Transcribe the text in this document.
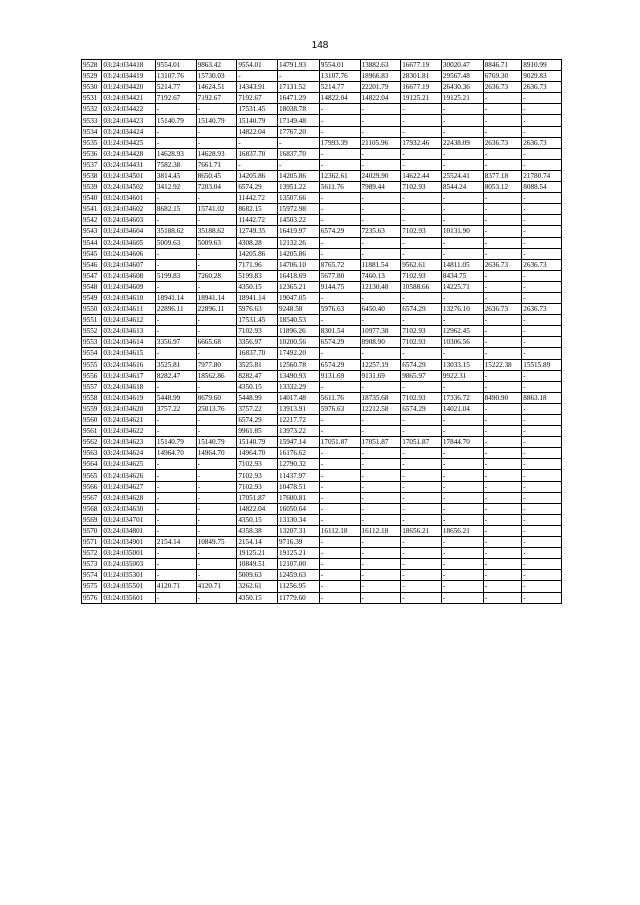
148
9528	03:24:034418	9554.01	9863.42	9554.01	14791.93	9554.01	13882.63	16677.19	30020.47	8846.71	8910.99
9529	03:24:034419	13107.76	15730.03	-	-	13107.76	18966.83	28301.81	29567.48	6769.30	9029.83
9530	03:24:034420	5214.77	14624.51	14343.91	17131.52	5214.77	22201.79	16677.19	26430.36	2636.73	2636.73
9531	03:24:034421	7192.67	7192.67	7192.67	16471.29	14822.04	14822.04	19125.21	19125.21	-	-
9532	03:24:034422	-	-	17531.45	18038.78	-	-	-	-	-	-
9533	03:24:034423	15140.79	15140.79	15140.79	17149.48	-	-	-	-	-	-
9534	03:24:034424	-	-	14822.04	17767.20	-	-	-	-	-	-
9535	03:24:034425	-	-	-	-	17993.39	21105.96	17932.46	22438.09	2636.73	2636.73
9536	03:24:034428	14628.93	14628.93	16837.70	16837.70	-	-	-	-	-	-
9537	03:24:034431	7582.38	7661.71	-	-	-	-	-	-	-	-
9538	03:24:034501	3814.45	8650.45	14205.86	14205.86	12362.61	24029.90	14622.44	25524.41	8377.18	21780.74
9539	03:24:034502	3412.92	7203.04	6574.29	13951.22	5611.76	7989.44	7102.93	8544.24	8053.12	8088.54
9540	03:24:034601	-	-	11442.72	13507.66	-	-	-	-	-	-
9541	03:24:034602	8682.15	15741.02	8682.15	15972.98	-	-	-	-	-	-
9542	03:24:034603	-	-	11442.72	14503.22	-	-	-	-	-	-
9543	03:24:034604	35188.62	35188.62	12749.35	16419.97	6574.29	7235.63	7102.93	10131.90	-	-
9544	03:24:034605	5009.63	5009.63	4308.28	12132.26	-	-	-	-	-	-
9545	03:24:034606	-	-	14205.86	14205.86	-	-	-	-	-	-
9546	03:24:034607	-	-	7171.96	14706.10	8765.72	11881.54	9562.61	14811.05	2636.73	2636.73
9547	03:24:034608	5199.83	7260.28	5199.83	16418.69	5677.80	7460.13	7102.93	8434.75	-	-
9548	03:24:034609	-	-	4350.15	12365.21	9144.75	12130.48	10588.66	14225.71	-	-
9549	03:24:034610	18941.14	18941.14	18941.14	19047.05	-	-	-	-	-	-
9550	03:24:034611	22896.11	22896.11	5976.63	9248.58	5976.63	6450.40	6574.29	13276.10	2636.73	2636.73
9551	03:24:034612	-	-	17531.45	18540.53	-	-	-	-	-	-
9552	03:24:034613	-	-	7102.93	11896.26	8301.54	10977.38	7102.93	12962.45	-	-
9553	03:24:034614	3356.97	6665.68	3356.97	10200.56	6574.29	8908.90	7102.93	10306.56	-	-
9554	03:24:034615	-	-	16837.70	17492.20	-	-	-	-	-	-
9555	03:24:034616	3525.81	7977.80	3525.81	12560.78	6574.29	12257.19	6574.29	13033.15	15222.38	15515.89
9556	03:24:034617	8282.47	18562.86	8282.47	13490.93	9131.69	9131.69	9865.97	9922.31	-	-
9557	03:24:034618	-	-	4350.15	13332.29	-	-	-	-	-	-
9558	03:24:034619	5448.99	8679.60	5448.99	14017.48	5611.76	18735.68	7102.93	17336.72	8490.90	8863.18
9559	03:24:034620	3757.22	25013.76	3757.22	13913.91	5976.63	12212.58	6574.29	14021.04	-	-
9560	03:24:034621	-	-	6574.29	12217.72	-	-	-	-	-	-
9561	03:24:034622	-	-	9961.85	13973.22	-	-	-	-	-	-
9562	03:24:034623	15140.79	15140.79	15140.79	15947.14	17051.87	17051.87	17051.87	17844.70	-	-
9563	03:24:034624	14964.70	14964.70	14964.70	16176.62	-	-	-	-	-	-
9564	03:24:034625	-	-	7102.93	12790.32	-	-	-	-	-	-
9565	03:24:034626	-	-	7102.93	11437.97	-	-	-	-	-	-
9566	03:24:034627	-	-	7102.93	10478.51	-	-	-	-	-	-
9567	03:24:034628	-	-	17051.87	17600.81	-	-	-	-	-	-
9568	03:24:034630	-	-	14822.04	16050.64	-	-	-	-	-	-
9569	03:24:034701	-	-	4350.15	13130.34	-	-	-	-	-	-
9570	03:24:034801	-	-	4358.38	13207.31	16112.18	16112.18	18656.21	18656.21	-	-
9571	03:24:034901	2154.14	10849.75	2154.14	9716.39	-	-	-	-	-	-
9572	03:24:035001	-	-	19125.21	19125.21	-	-	-	-	-	-
9573	03:24:035003	-	-	10849.51	12107.00	-	-	-	-	-	-
9574	03:24:035301	-	-	5009.63	12459.63	-	-	-	-	-	-
9575	03:24:035501	4120.71	4120.71	3262.61	11256.95	-	-	-	-	-	-
9576	03:24:035601	-	-	4350.15	11779.60	-	-	-	-	-	-
